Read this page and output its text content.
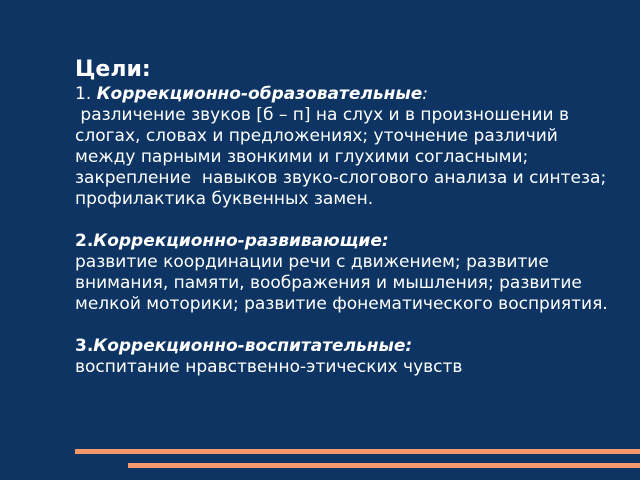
Цели:

1. Коррекционно-образовательные:

различение звуков [б – п] на слух и в произношении в слогах, словах и предложениях; уточнение различий между парными звонкими и глухими согласными; закрепление  навыков звуко-слогового анализа и синтеза; профилактика буквенных замен.

2.Коррекционно-развивающие:

развитие координации речи с движением; развитие внимания, памяти, воображения и мышления; развитие мелкой моторики; развитие фонематического восприятия.

3.Коррекционно-воспитательные:

воспитание нравственно-этических чувств
